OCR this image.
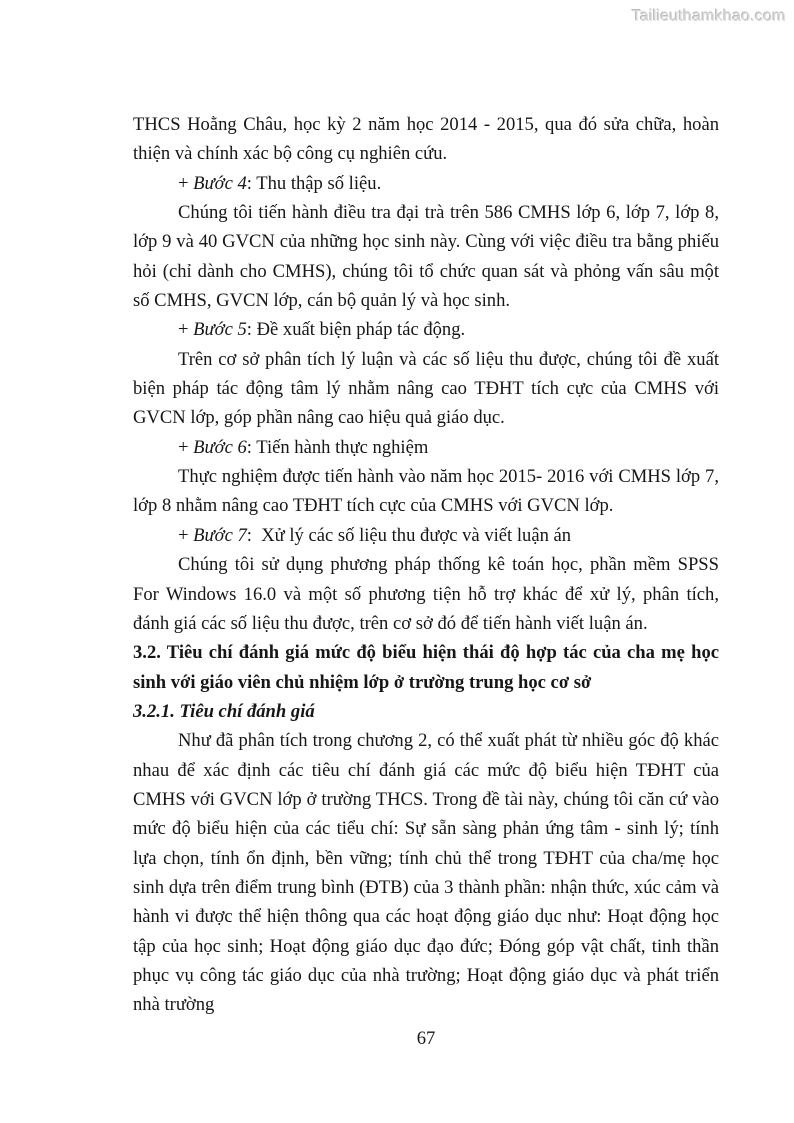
Tailieuthamkhao.com

THCS Hoằng Châu, học kỳ 2 năm học 2014 - 2015, qua đó sửa chữa, hoàn thiện và chính xác bộ công cụ nghiên cứu.

+ Bước 4: Thu thập số liệu.

Chúng tôi tiến hành điều tra đại trà trên 586 CMHS lớp 6, lớp 7, lớp 8, lớp 9 và 40 GVCN của những học sinh này. Cùng với việc điều tra bằng phiếu hỏi (chỉ dành cho CMHS), chúng tôi tổ chức quan sát và phỏng vấn sâu một số CMHS, GVCN lớp, cán bộ quản lý và học sinh.

+ Bước 5: Đề xuất biện pháp tác động.

Trên cơ sở phân tích lý luận và các số liệu thu được, chúng tôi đề xuất biện pháp tác động tâm lý nhằm nâng cao TĐHT tích cực của CMHS với GVCN lớp, góp phần nâng cao hiệu quả giáo dục.

+ Bước 6: Tiến hành thực nghiệm

Thực nghiệm được tiến hành vào năm học 2015- 2016 với CMHS lớp 7, lớp 8 nhằm nâng cao TĐHT tích cực của CMHS với GVCN lớp.

+ Bước 7:  Xử lý các số liệu thu được và viết luận án

Chúng tôi sử dụng phương pháp thống kê toán học, phần mềm SPSS For Windows 16.0 và một số phương tiện hỗ trợ khác để xử lý, phân tích, đánh giá các số liệu thu được, trên cơ sở đó để tiến hành viết luận án.

3.2. Tiêu chí đánh giá mức độ biểu hiện thái độ hợp tác của cha mẹ học sinh với giáo viên chủ nhiệm lớp ở trường trung học cơ sở

3.2.1. Tiêu chí đánh giá

Như đã phân tích trong chương 2, có thể xuất phát từ nhiều góc độ khác nhau để xác định các tiêu chí đánh giá các mức độ biểu hiện TĐHT của CMHS với GVCN lớp ở trường THCS. Trong đề tài này, chúng tôi căn cứ vào mức độ biểu hiện của các tiểu chí: Sự sẵn sàng phản ứng tâm - sinh lý; tính lựa chọn, tính ổn định, bền vững; tính chủ thể trong TĐHT của cha/mẹ học sinh dựa trên điểm trung bình (ĐTB) của 3 thành phần: nhận thức, xúc cảm và hành vi được thể hiện thông qua các hoạt động giáo dục như: Hoạt động học tập của học sinh; Hoạt động giáo dục đạo đức; Đóng góp vật chất, tinh thần phục vụ công tác giáo dục của nhà trường; Hoạt động giáo dục và phát triển nhà trường

67
